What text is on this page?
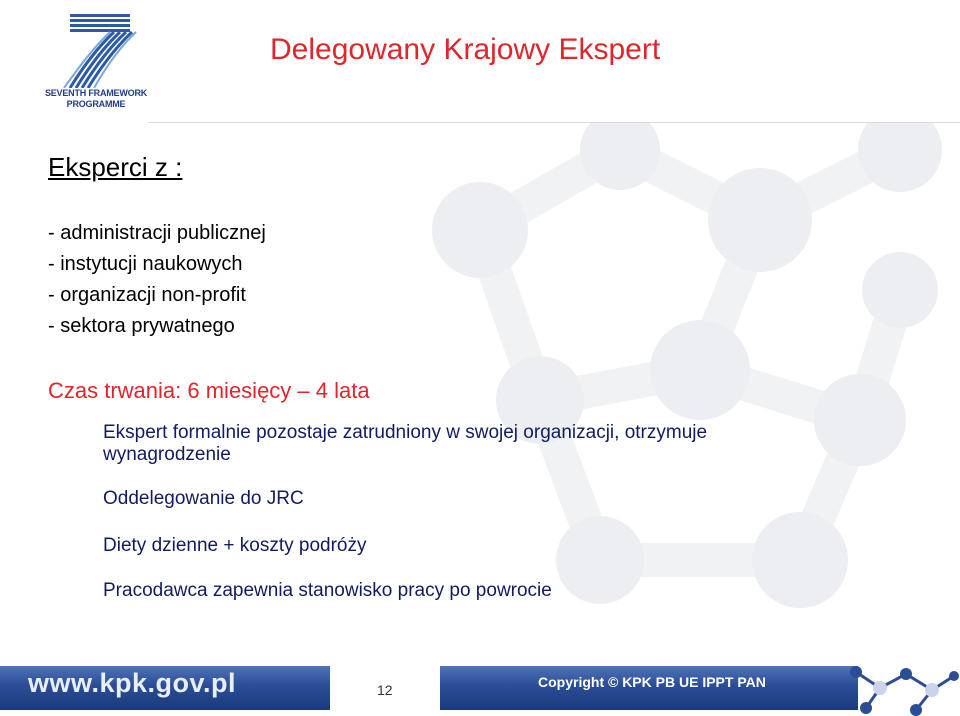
SEVENTH FRAMEWORK
PROGRAMME
Delegowany Krajowy Ekspert

Eksperci z :

- administracji publicznej

- instytucji naukowych

- organizacji non-profit

- sektora prywatnego

Czas trwania: 6 miesięcy – 4 lata

Ekspert formalnie pozostaje zatrudniony w swojej organizacji, otrzymuje

wynagrodzenie

Oddelegowanie do JRC

Diety dzienne + koszty podróży

Pracodawca zapewnia stanowisko pracy po powrocie

www.kpk.gov.pl	12	Copyright © KPK PB UE IPPT PAN
